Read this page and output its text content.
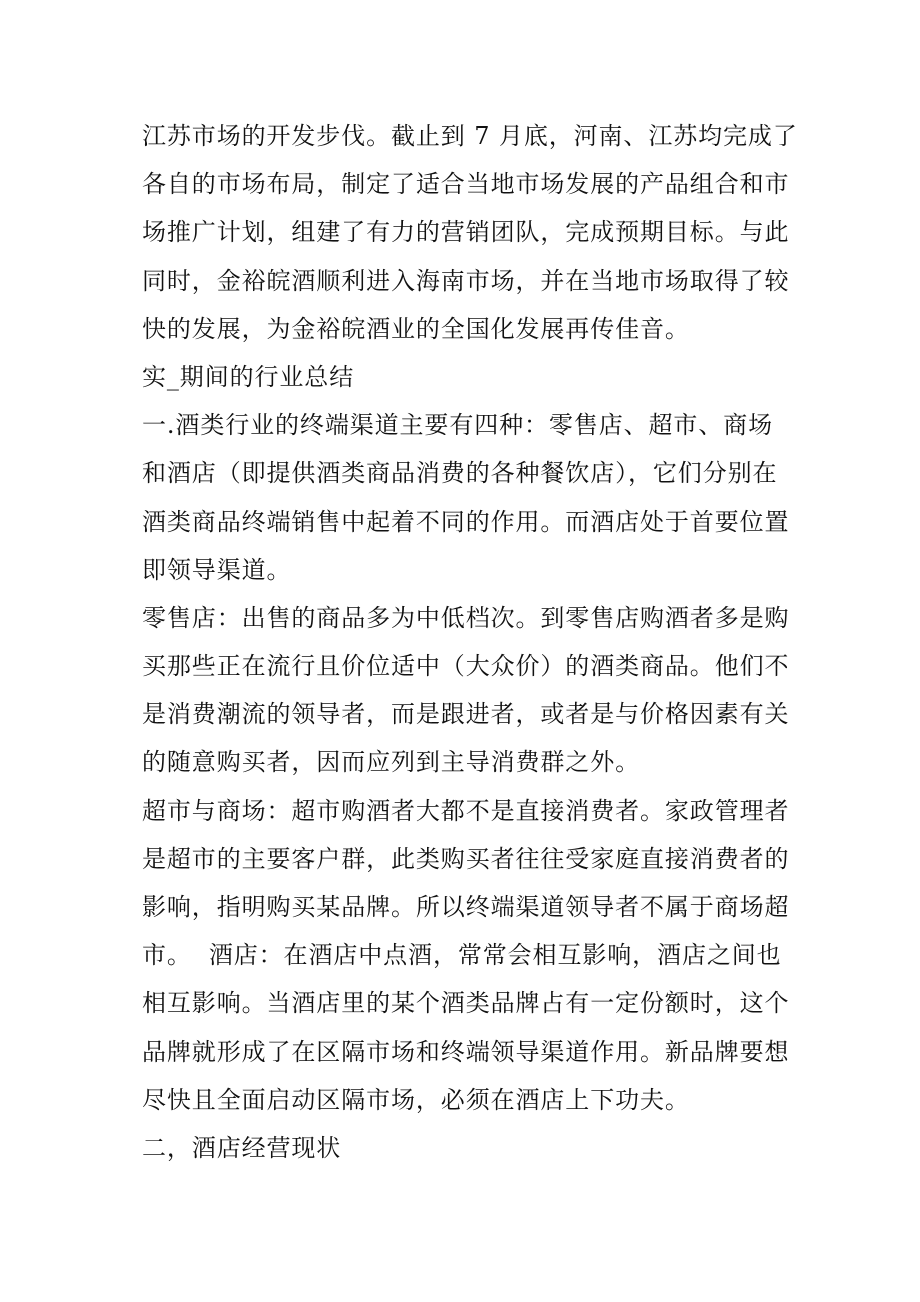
江苏市场的开发步伐。截止到 7 月底，河南、江苏均完成了
各自的市场布局，制定了适合当地市场发展的产品组合和市
场推广计划，组建了有力的营销团队，完成预期目标。与此
同时，金裕皖酒顺利进入海南市场，并在当地市场取得了较
快的发展，为金裕皖酒业的全国化发展再传佳音。
实_期间的行业总结
一.酒类行业的终端渠道主要有四种：零售店、超市、商场
和酒店（即提供酒类商品消费的各种餐饮店），它们分别在
酒类商品终端销售中起着不同的作用。而酒店处于首要位置
即领导渠道。
零售店：出售的商品多为中低档次。到零售店购酒者多是购
买那些正在流行且价位适中（大众价）的酒类商品。他们不
是消费潮流的领导者，而是跟进者，或者是与价格因素有关
的随意购买者，因而应列到主导消费群之外。
超市与商场：超市购酒者大都不是直接消费者。家政管理者
是超市的主要客户群，此类购买者往往受家庭直接消费者的
影响，指明购买某品牌。所以终端渠道领导者不属于商场超
市。  酒店：在酒店中点酒，常常会相互影响，酒店之间也
相互影响。当酒店里的某个酒类品牌占有一定份额时，这个
品牌就形成了在区隔市场和终端领导渠道作用。新品牌要想
尽快且全面启动区隔市场，必须在酒店上下功夫。
二，酒店经营现状
